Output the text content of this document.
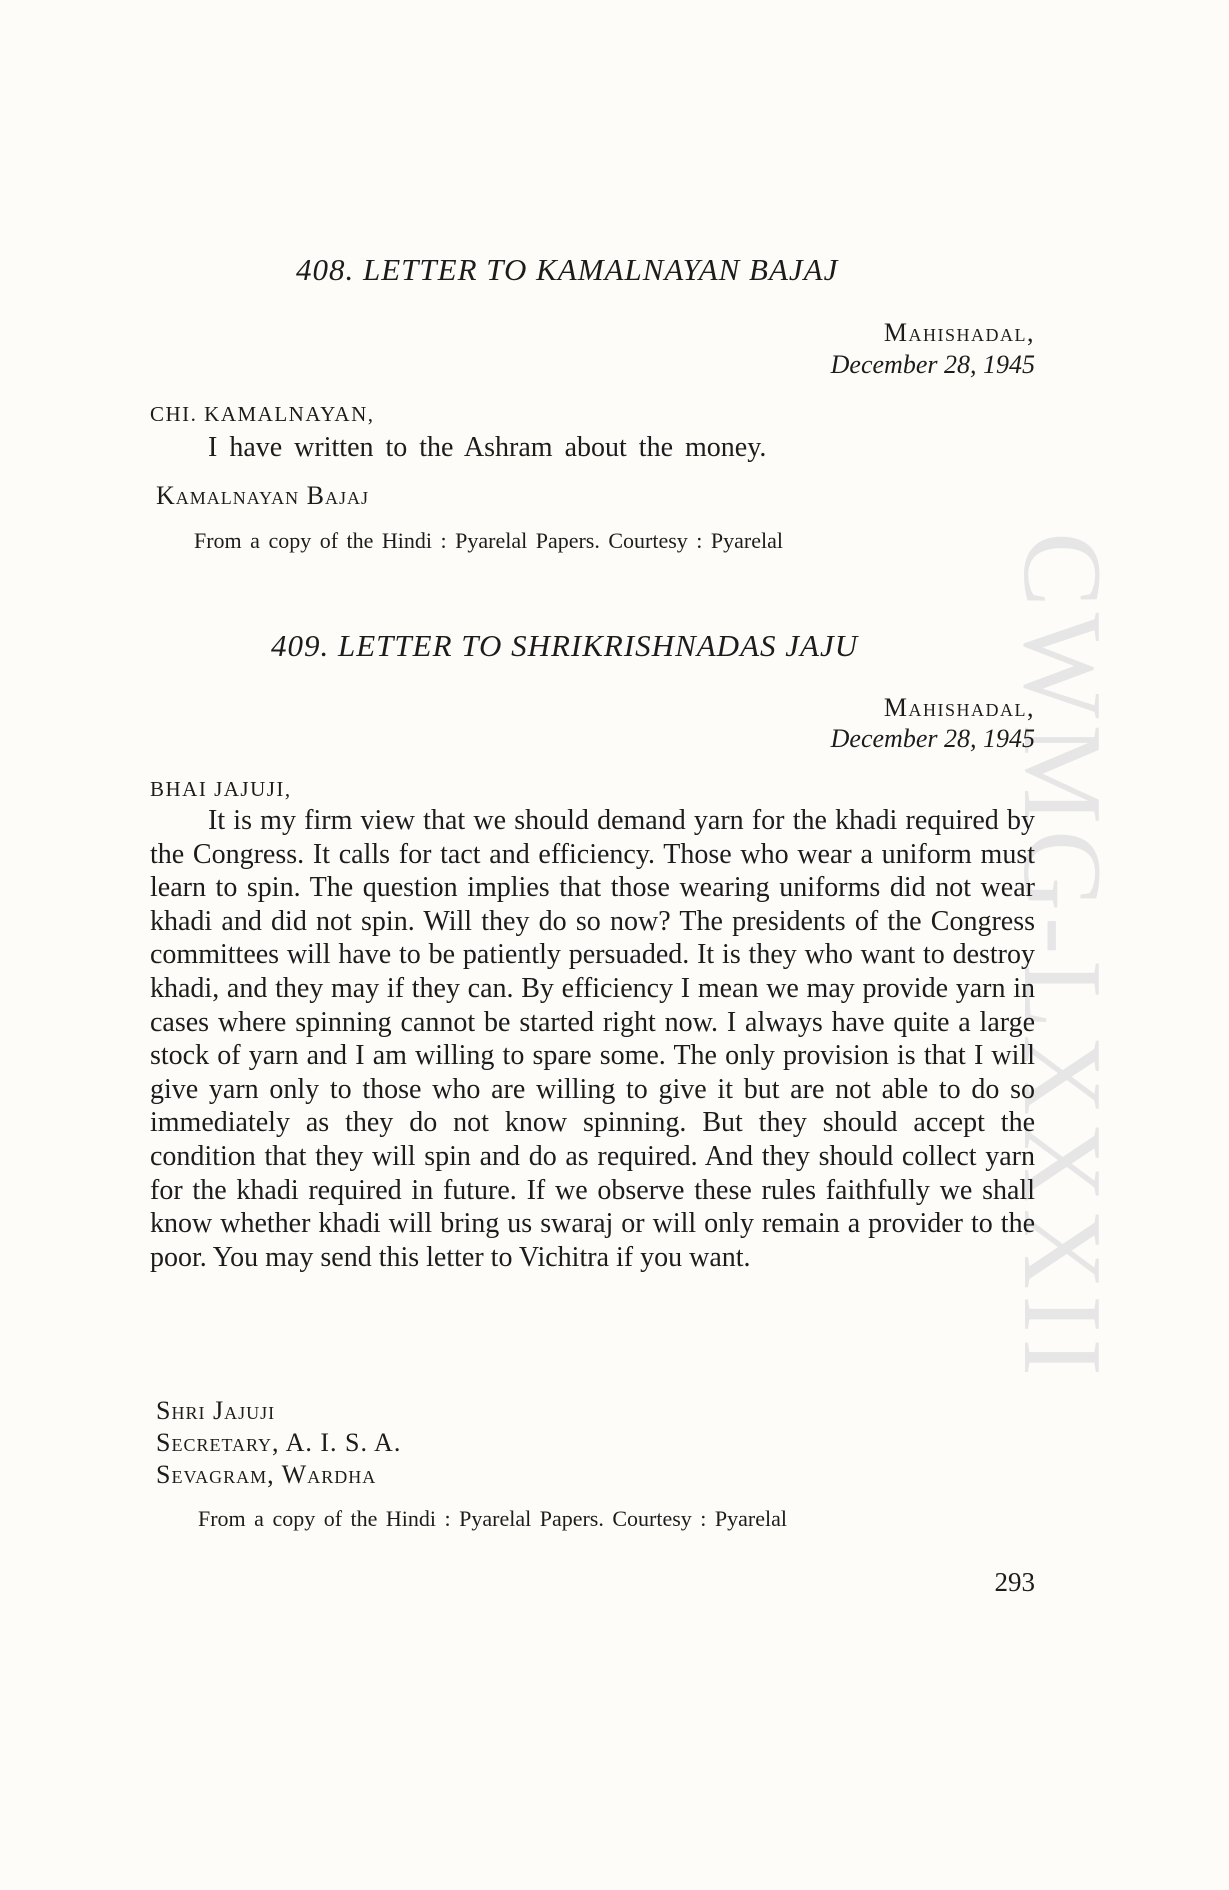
CWMG-LXXXII
408. LETTER TO KAMALNAYAN BAJAJ
Mahishadal,
December 28, 1945
CHI. KAMALNAYAN,
I have written to the Ashram about the money.
Kamalnayan Bajaj
From a copy of the Hindi : Pyarelal Papers. Courtesy : Pyarelal
409. LETTER TO SHRIKRISHNADAS JAJU
Mahishadal,
December 28, 1945
BHAI JAJUJI,

It is my firm view that we should demand yarn for the khadi required by the Congress. It calls for tact and efficiency. Those who wear a uniform must learn to spin. The question implies that those wearing uniforms did not wear khadi and did not spin. Will they do so now? The presidents of the Congress committees will have to be patiently persuaded. It is they who want to destroy khadi, and they may if they can. By efficiency I mean we may provide yarn in cases where spinning cannot be started right now. I always have quite a large stock of yarn and I am willing to spare some. The only provision is that I will give yarn only to those who are willing to give it but are not able to do so immediately as they do not know spinning. But they should accept the condition that they will spin and do as required. And they should collect yarn for the khadi required in future. If we observe these rules faithfully we shall know whether khadi will bring us swaraj or will only remain a provider to the poor. You may send this letter to Vichitra if you want.

Shri Jajuji
Secretary, A. I. S. A.
Sevagram, Wardha
From a copy of the Hindi : Pyarelal Papers. Courtesy : Pyarelal
293
